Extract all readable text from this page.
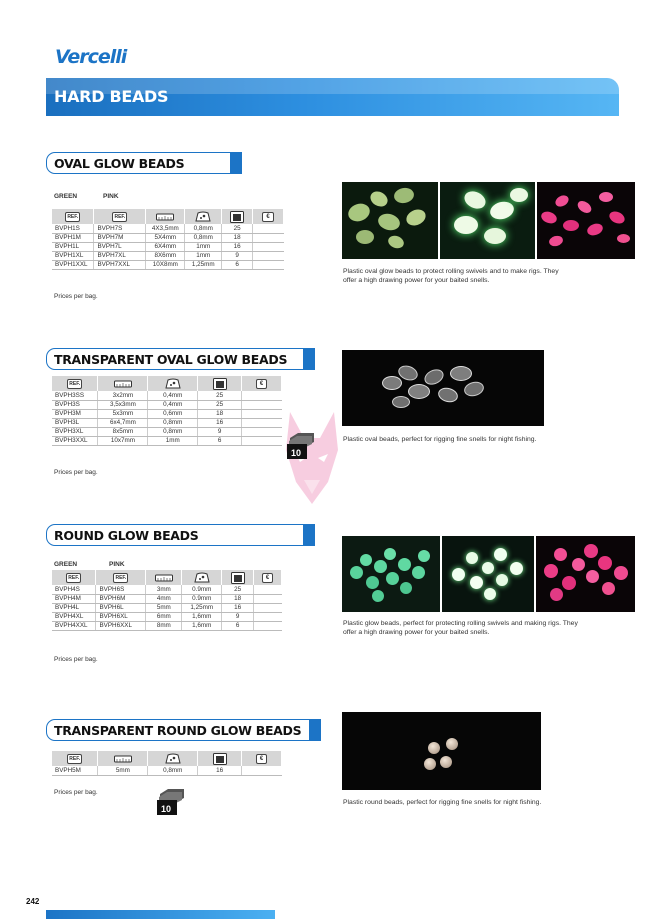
Vercelli
HARD BEADS
OVAL GLOW BEADS
GREEN	PINK
REF.	REF.				€
BVPH1S	BVPH7S	4X3,5mm	0,8mm	25	
BVPH1M	BVPH7M	5X4mm	0,8mm	18	
BVPH1L	BVPH7L	6X4mm	1mm	16	
BVPH1XL	BVPH7XL	8X6mm	1mm	9	
BVPH1XXL	BVPH7XXL	10X8mm	1,25mm	6	
Prices per bag.
Plastic oval glow beads to protect rolling swivels and to make rigs. They offer a high drawing power for your baited snells.
TRANSPARENT OVAL GLOW BEADS
REF.				€
BVPH3SS	3x2mm	0,4mm	25	
BVPH3S	3,5x3mm	0,4mm	25	
BVPH3M	5x3mm	0,6mm	18	
BVPH3L	6x4,7mm	0,8mm	16	
BVPH3XL	8x5mm	0,8mm	9	
BVPH3XXL	10x7mm	1mm	6	
Prices per bag.
10
Plastic oval beads, perfect for rigging fine snells for night fishing.
ROUND GLOW BEADS
GREEN	PINK
REF.	REF.				€
BVPH4S	BVPH6S	3mm	0.9mm	25	
BVPH4M	BVPH6M	4mm	0.9mm	18	
BVPH4L	BVPH6L	5mm	1,25mm	16	
BVPH4XL	BVPH6XL	6mm	1,6mm	9	
BVPH4XXL	BVPH6XXL	8mm	1,6mm	6	
Prices per bag.
Plastic glow beads, perfect for protecting rolling swivels and making rigs. They offer a high drawing power for your baited snells.
TRANSPARENT ROUND GLOW BEADS
REF.				€
BVPH5M	5mm	0,8mm	16	
Prices per bag.
10
Plastic round beads, perfect for rigging fine snells for night fishing.
242
